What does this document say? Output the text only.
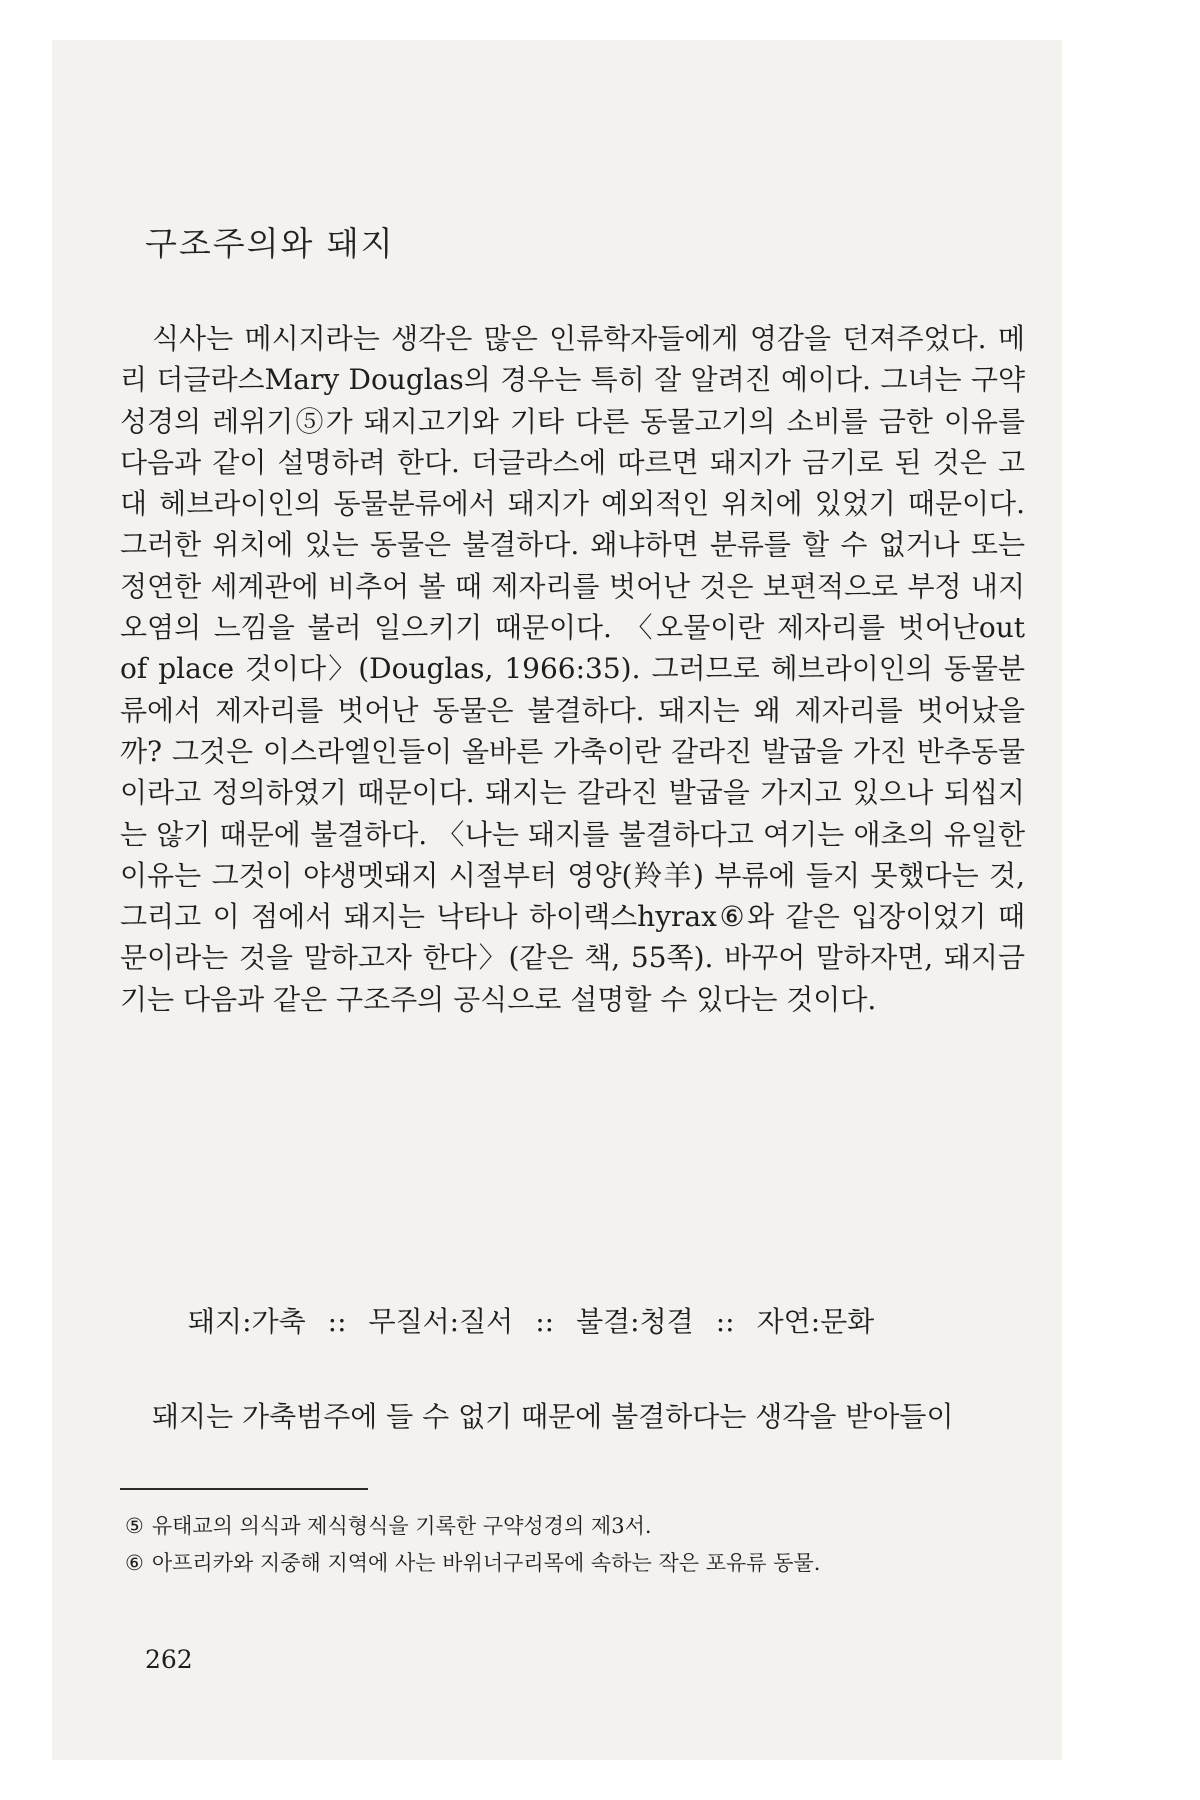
구조주의와 돼지

식사는 메시지라는 생각은 많은 인류학자들에게 영감을 던져주었다. 메리 더글라스Mary Douglas의 경우는 특히 잘 알려진 예이다. 그녀는 구약성경의 레위기⑤가 돼지고기와 기타 다른 동물고기의 소비를 금한 이유를 다음과 같이 설명하려 한다. 더글라스에 따르면 돼지가 금기로 된 것은 고대 헤브라이인의 동물분류에서 돼지가 예외적인 위치에 있었기 때문이다. 그러한 위치에 있는 동물은 불결하다. 왜냐하면 분류를 할 수 없거나 또는 정연한 세계관에 비추어 볼 때 제자리를 벗어난 것은 보편적으로 부정 내지 오염의 느낌을 불러 일으키기 때문이다. 〈오물이란 제자리를 벗어난out of place 것이다〉(Douglas, 1966:35). 그러므로 헤브라이인의 동물분류에서 제자리를 벗어난 동물은 불결하다. 돼지는 왜 제자리를 벗어났을까? 그것은 이스라엘인들이 올바른 가축이란 갈라진 발굽을 가진 반추동물이라고 정의하였기 때문이다. 돼지는 갈라진 발굽을 가지고 있으나 되씹지는 않기 때문에 불결하다. 〈나는 돼지를 불결하다고 여기는 애초의 유일한 이유는 그것이 야생멧돼지 시절부터 영양(羚羊) 부류에 들지 못했다는 것, 그리고 이 점에서 돼지는 낙타나 하이랙스hyrax⑥와 같은 입장이었기 때문이라는 것을 말하고자 한다〉(같은 책, 55쪽). 바꾸어 말하자면, 돼지금기는 다음과 같은 구조주의 공식으로 설명할 수 있다는 것이다.

돼지:가축 :: 무질서:질서 :: 불결:청결 :: 자연:문화

돼지는 가축범주에 들 수 없기 때문에 불결하다는 생각을 받아들이

⑤ 유태교의 의식과 제식형식을 기록한 구약성경의 제3서.
⑥ 아프리카와 지중해 지역에 사는 바위너구리목에 속하는 작은 포유류 동물.

262
